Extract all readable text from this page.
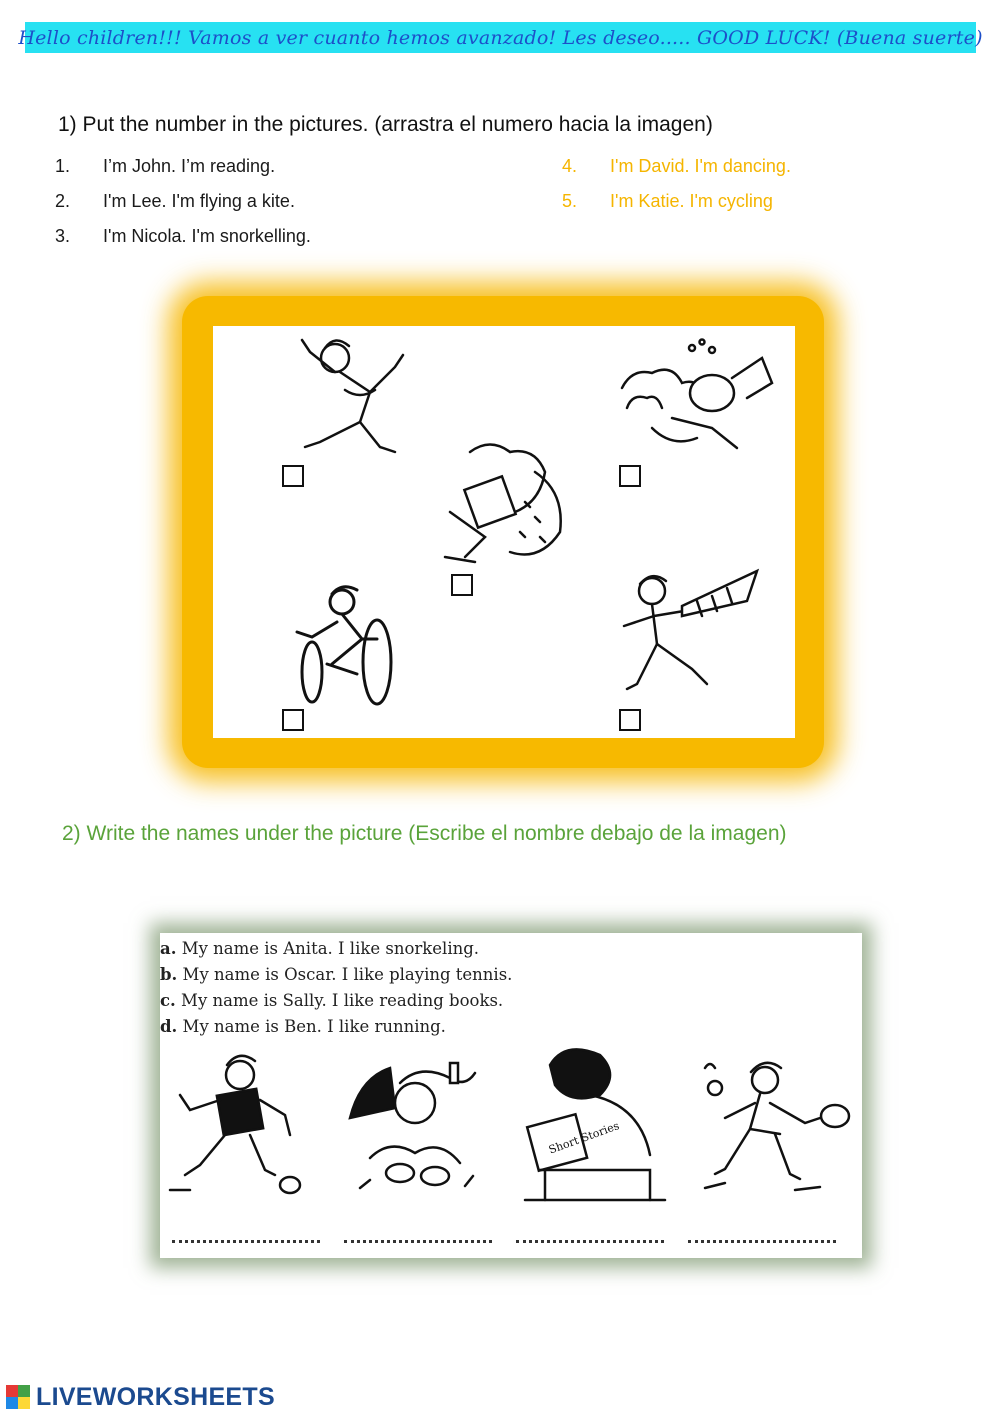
Hello children!!! Vamos a ver cuanto hemos avanzado! Les deseo..... GOOD LUCK! (Buena suerte)
1) Put the number in the pictures. (arrastra el numero hacia la imagen)
1. I’m John. I’m reading.
2. I'm Lee. I'm flying a kite.
3. I'm Nicola. I'm snorkelling.
4. I'm David. I'm dancing.
5. I'm Katie. I'm cycling
2) Write the names under the picture (Escribe el nombre debajo de la imagen)
a. My name is Anita. I like snorkeling.
b. My name is Oscar. I like playing tennis.
c. My name is Sally. I like reading books.
d. My name is Ben. I like running.
Short Stories
LIVEWORKSHEETS
